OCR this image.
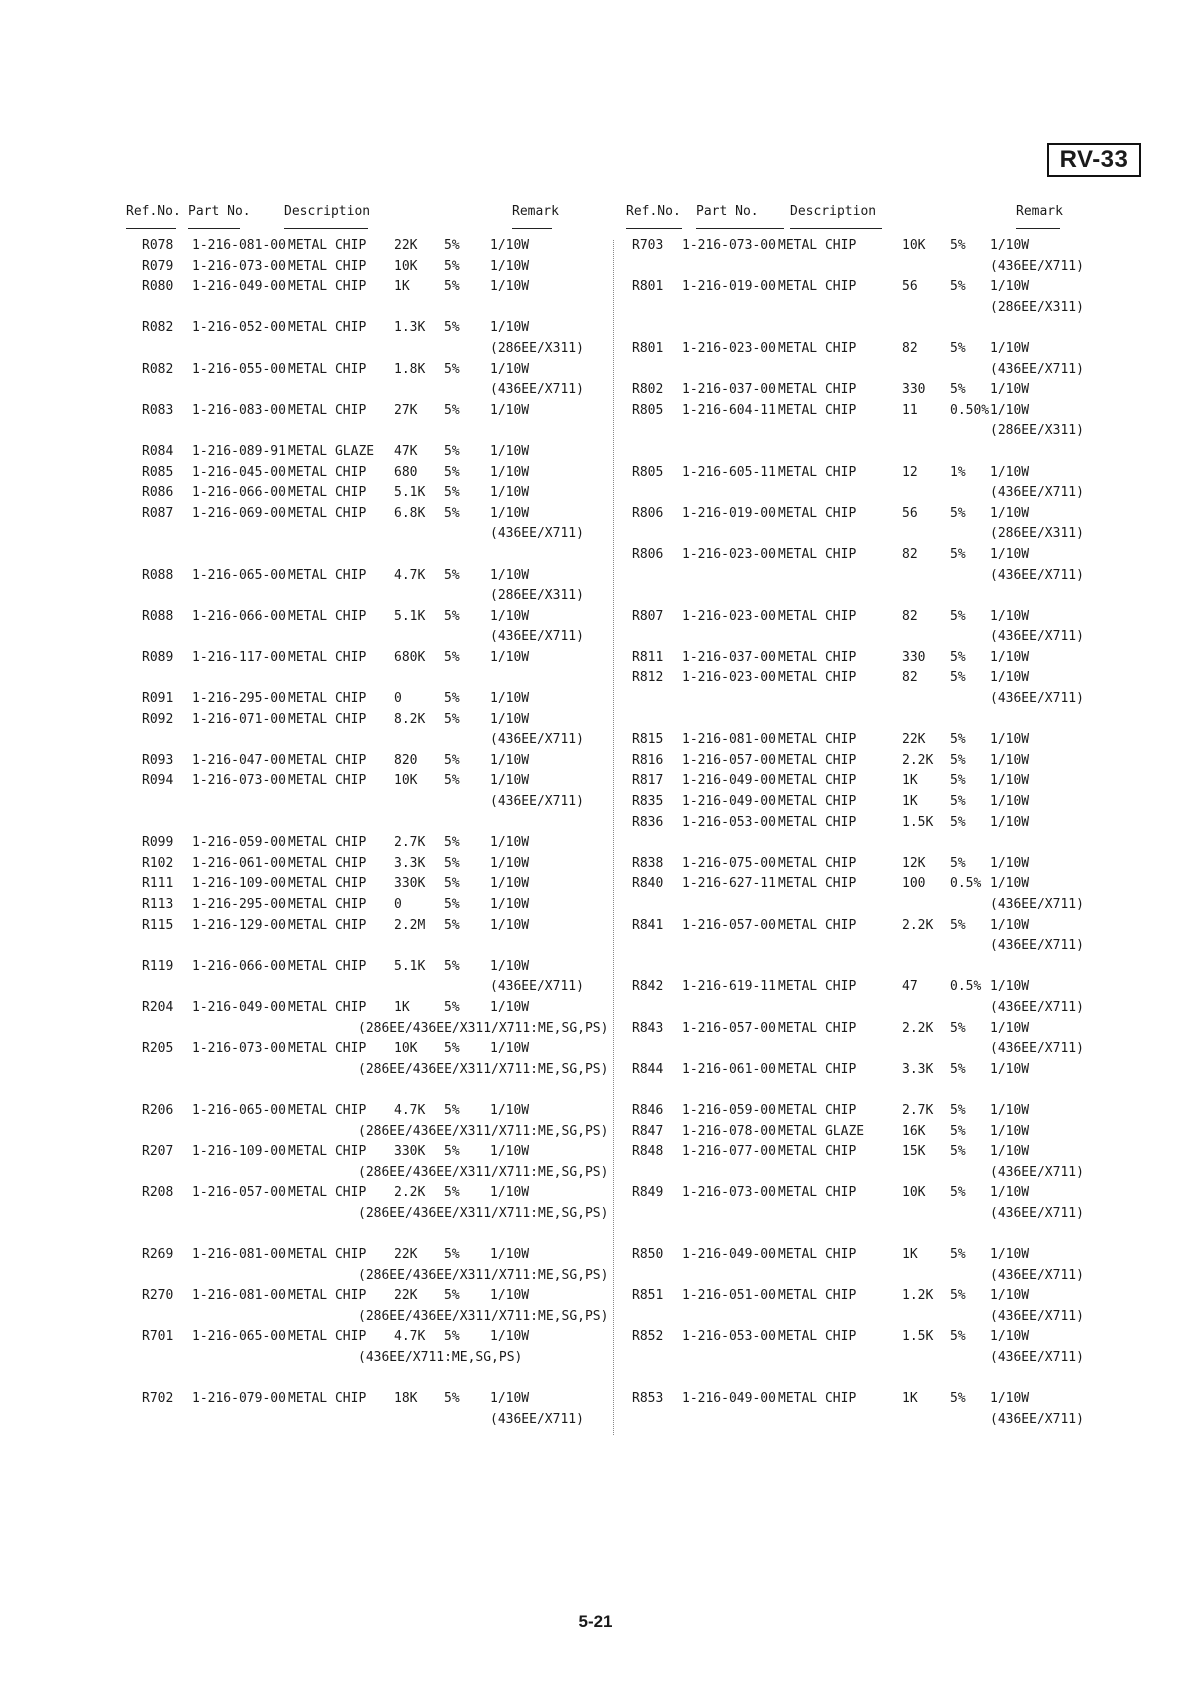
RV-33
Ref.No. Part No.	Description	Remark
R078 1-216-081-00 METAL CHIP 22K 5% 1/10W
R079 1-216-073-00 METAL CHIP 10K 5% 1/10W
R080 1-216-049-00 METAL CHIP 1K	5% 1/10W
R082 1-216-052-00 METAL CHIP 1.3K 5% 1/10W
(286EE/X311)
R082 1-216-055-00 METAL CHIP 1.8K 5% 1/10W
(436EE/X711)
R083 1-216-083-00 METAL CHIP 27K 5% 1/10W
R084 1-216-089-91 METAL GLAZE 47K 5% 1/10W
R085 1-216-045-00 METAL CHIP 680 5% 1/10W
R086 1-216-066-00 METAL CHIP 5.1K 5% 1/10W
R087 1-216-069-00 METAL CHIP 6.8K 5% 1/10W
(436EE/X711)
R088 1-216-065-00 METAL CHIP 4.7K 5% 1/10W
(286EE/X311)
R088 1-216-066-00 METAL CHIP 5.1K 5% 1/10W
(436EE/X711)
R089 1-216-117-00 METAL CHIP 680K 5% 1/10W
R091 1-216-295-00 METAL CHIP 0	5% 1/10W
R092 1-216-071-00 METAL CHIP 8.2K 5% 1/10W
(436EE/X711)
R093 1-216-047-00 METAL CHIP 820 5% 1/10W
R094 1-216-073-00 METAL CHIP 10K 5% 1/10W
(436EE/X711)
R099 1-216-059-00 METAL CHIP 2.7K 5% 1/10W
R102 1-216-061-00 METAL CHIP 3.3K 5% 1/10W
R111 1-216-109-00 METAL CHIP 330K 5% 1/10W
R113 1-216-295-00 METAL CHIP 0	5% 1/10W
R115 1-216-129-00 METAL CHIP 2.2M 5% 1/10W
R119 1-216-066-00 METAL CHIP 5.1K 5% 1/10W
(436EE/X711)
R204 1-216-049-00 METAL CHIP 1K	5% 1/10W
(286EE/436EE/X311/X711:ME,SG,PS)
R205 1-216-073-00 METAL CHIP 10K 5% 1/10W
(286EE/436EE/X311/X711:ME,SG,PS)
R206 1-216-065-00 METAL CHIP 4.7K 5% 1/10W
(286EE/436EE/X311/X711:ME,SG,PS)
R207 1-216-109-00 METAL CHIP 330K 5% 1/10W
(286EE/436EE/X311/X711:ME,SG,PS)
R208 1-216-057-00 METAL CHIP 2.2K 5% 1/10W
(286EE/436EE/X311/X711:ME,SG,PS)
R269 1-216-081-00 METAL CHIP 22K 5% 1/10W
(286EE/436EE/X311/X711:ME,SG,PS)
R270 1-216-081-00 METAL CHIP 22K 5% 1/10W
(286EE/436EE/X311/X711:ME,SG,PS)
R701 1-216-065-00 METAL CHIP 4.7K 5% 1/10W
(436EE/X711:ME,SG,PS)
R702 1-216-079-00 METAL CHIP 18K 5% 1/10W
(436EE/X711)
Ref.No. Part No. Description	Remark
R703 1-216-073-00 METAL CHIP	10K 5% 1/10W
(436EE/X711)
R801 1-216-019-00 METAL CHIP	56 5% 1/10W
(286EE/X311)
R801 1-216-023-00 METAL CHIP	82 5% 1/10W
(436EE/X711)
R802 1-216-037-00 METAL CHIP	330 5% 1/10W
R805 1-216-604-11 METAL CHIP	11 0.50% 1/10W
(286EE/X311)
R805 1-216-605-11 METAL CHIP	12 1% 1/10W
(436EE/X711)
R806 1-216-019-00 METAL CHIP	56 5% 1/10W
(286EE/X311)
R806 1-216-023-00 METAL CHIP	82 5% 1/10W
(436EE/X711)
R807 1-216-023-00 METAL CHIP	82 5% 1/10W
(436EE/X711)
R811 1-216-037-00 METAL CHIP	330 5% 1/10W
R812 1-216-023-00 METAL CHIP	82 5% 1/10W
(436EE/X711)
R815 1-216-081-00 METAL CHIP	22K 5% 1/10W
R816 1-216-057-00 METAL CHIP	2.2K 5% 1/10W
R817 1-216-049-00 METAL CHIP	1K 5% 1/10W
R835 1-216-049-00 METAL CHIP	1K 5% 1/10W
R836 1-216-053-00 METAL CHIP	1.5K 5% 1/10W
R838 1-216-075-00 METAL CHIP	12K 5% 1/10W
R840 1-216-627-11 METAL CHIP	100 0.5% 1/10W
(436EE/X711)
R841 1-216-057-00 METAL CHIP	2.2K 5% 1/10W
(436EE/X711)
R842 1-216-619-11 METAL CHIP	47 0.5% 1/10W
(436EE/X711)
R843 1-216-057-00 METAL CHIP	2.2K 5% 1/10W
(436EE/X711)
R844 1-216-061-00 METAL CHIP	3.3K 5% 1/10W
R846 1-216-059-00 METAL CHIP	2.7K 5% 1/10W
R847 1-216-078-00 METAL GLAZE	16K 5% 1/10W
R848 1-216-077-00 METAL CHIP	15K 5% 1/10W
(436EE/X711)
R849 1-216-073-00 METAL CHIP	10K 5% 1/10W
(436EE/X711)
R850 1-216-049-00 METAL CHIP	1K 5% 1/10W
(436EE/X711)
R851 1-216-051-00 METAL CHIP	1.2K 5% 1/10W
(436EE/X711)
R852 1-216-053-00 METAL CHIP	1.5K 5% 1/10W
(436EE/X711)
R853 1-216-049-00 METAL CHIP	1K 5% 1/10W
(436EE/X711)
5-21
